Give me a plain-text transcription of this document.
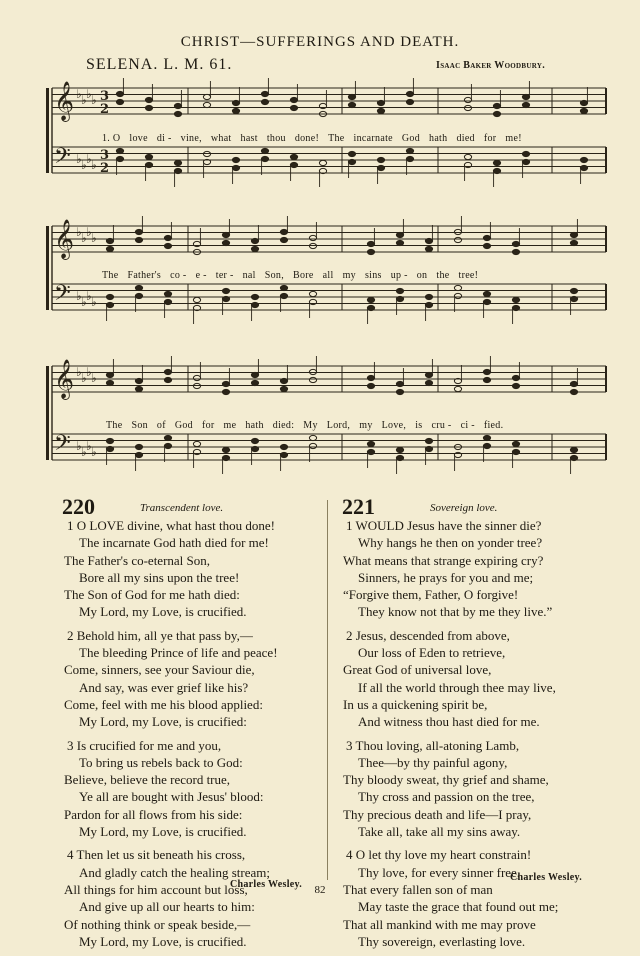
CHRIST—SUFFERINGS AND DEATH.
SELENA. L. M. 61.	Isaac Baker Woodbury.
𝄞
𝄢
♭
♭
♭
♭
♭
♭
♭
♭
3
2
3
2
𝄞
𝄢
♭
♭
♭
♭
♭
♭
♭
♭
𝄞
𝄢
♭
♭
♭
♭
♭
♭
♭
♭
1. O love di - vine, what hast thou done! The incarnate God hath died for me!
The Father's co - e - ter - nal Son, Bore all my sins up - on the tree!
The Son of God for me hath died: My Lord, my Love, is cru - ci - fied.
220	Transcendent love.
1 O LOVE divine, what hast thou done!
The incarnate God hath died for me!
The Father's co-eternal Son,
Bore all my sins upon the tree!
The Son of God for me hath died:
My Lord, my Love, is crucified.
2 Behold him, all ye that pass by,—
The bleeding Prince of life and peace!
Come, sinners, see your Saviour die,
And say, was ever grief like his?
Come, feel with me his blood applied:
My Lord, my Love, is crucified:
3 Is crucified for me and you,
To bring us rebels back to God:
Believe, believe the record true,
Ye all are bought with Jesus' blood:
Pardon for all flows from his side:
My Lord, my Love, is crucified.
4 Then let us sit beneath his cross,
And gladly catch the healing stream;
All things for him account but loss,
And give up all our hearts to him:
Of nothing think or speak beside,—
My Lord, my Love, is crucified.
Charles Wesley.
221	Sovereign love.
1 WOULD Jesus have the sinner die?
Why hangs he then on yonder tree?
What means that strange expiring cry?
Sinners, he prays for you and me;
“Forgive them, Father, O forgive!
They know not that by me they live.”
2 Jesus, descended from above,
Our loss of Eden to retrieve,
Great God of universal love,
If all the world through thee may live,
In us a quickening spirit be,
And witness thou hast died for me.
3 Thou loving, all-atoning Lamb,
Thee—by thy painful agony,
Thy bloody sweat, thy grief and shame,
Thy cross and passion on the tree,
Thy precious death and life—I pray,
Take all, take all my sins away.
4 O let thy love my heart constrain!
Thy love, for every sinner free,
That every fallen son of man
May taste the grace that found out me;
That all mankind with me may prove
Thy sovereign, everlasting love.
Charles Wesley.
82
